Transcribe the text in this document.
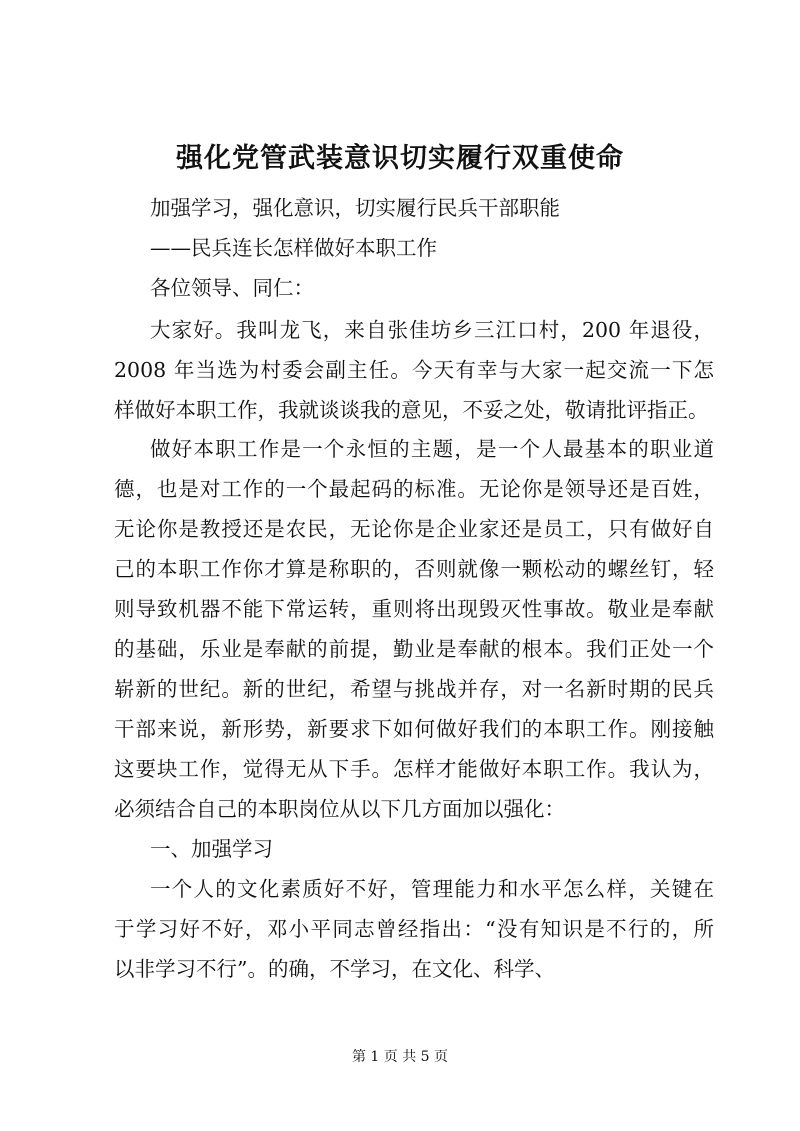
强化党管武装意识切实履行双重使命

加强学习，强化意识，切实履行民兵干部职能

——民兵连长怎样做好本职工作

各位领导、同仁：

大家好。我叫龙飞，来自张佳坊乡三江口村，200 年退役，
2008 年当选为村委会副主任。今天有幸与大家一起交流一下怎
样做好本职工作，我就谈谈我的意见，不妥之处，敬请批评指正。
做好本职工作是一个永恒的主题，是一个人最基本的职业道
德，也是对工作的一个最起码的标准。无论你是领导还是百姓，
无论你是教授还是农民，无论你是企业家还是员工，只有做好自
己的本职工作你才算是称职的，否则就像一颗松动的螺丝钉，轻
则导致机器不能下常运转，重则将出现毁灭性事故。敬业是奉献
的基础，乐业是奉献的前提，勤业是奉献的根本。我们正处一个
崭新的世纪。新的世纪，希望与挑战并存，对一名新时期的民兵
干部来说，新形势，新要求下如何做好我们的本职工作。刚接触
这要块工作，觉得无从下手。怎样才能做好本职工作。我认为，
必须结合自己的本职岗位从以下几方面加以强化：

一、加强学习

一个人的文化素质好不好，管理能力和水平怎么样，关键在
于学习好不好，邓小平同志曾经指出：“没有知识是不行的，所
以非学习不行”。的确，不学习，在文化、科学、
第 1 页 共 5 页
